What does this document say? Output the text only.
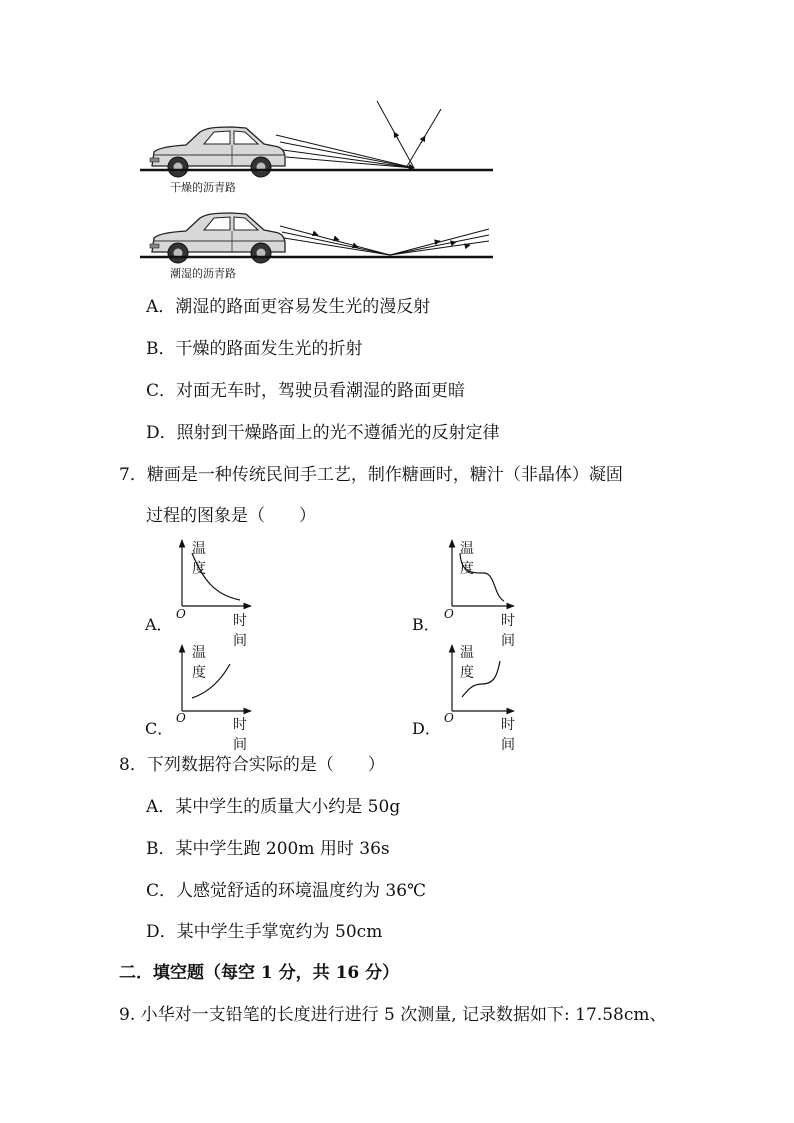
干燥的沥青路
潮湿的沥青路
A．潮湿的路面更容易发生光的漫反射
B．干燥的路面发生光的折射
C．对面无车时，驾驶员看潮湿的路面更暗
D．照射到干燥路面上的光不遵循光的反射定律
7．糖画是一种传统民间手工艺，制作糖画时，糖汁（非晶体）凝固
过程的图象是（　　）
A．
温度
时间
O
B．
温度
时间
O
C．
温度
时间
O
D．
温度
时间
O
8．下列数据符合实际的是（　　）
A．某中学生的质量大小约是 50g
B．某中学生跑 200m 用时 36s
C．人感觉舒适的环境温度约为 36℃
D．某中学生手掌宽约为 50cm
二．填空题（每空 1 分，共 16 分）
9. 小华对一支铅笔的长度进行进行 5 次测量, 记录数据如下: 17.58cm、
